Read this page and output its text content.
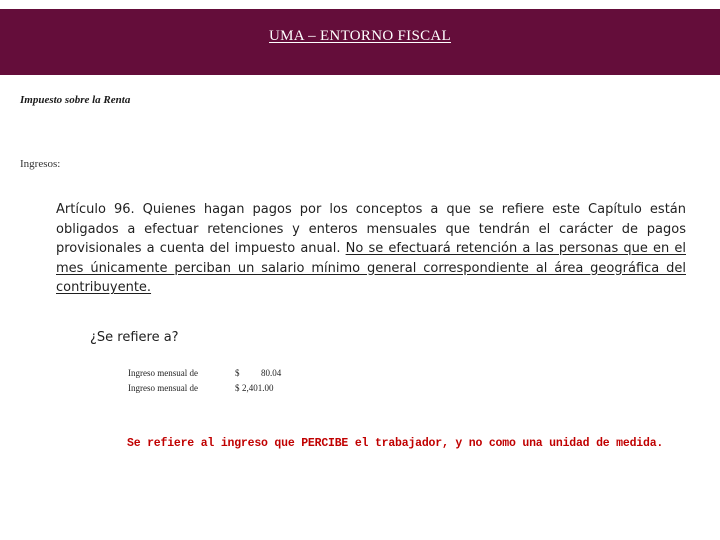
UMA – ENTORNO FISCAL
Impuesto sobre la Renta
Ingresos:
Artículo 96. Quienes hagan pagos por los conceptos a que se refiere este Capítulo están obligados a efectuar retenciones y enteros mensuales que tendrán el carácter de pagos provisionales a cuenta del impuesto anual. No se efectuará retención a las personas que en el mes únicamente perciban un salario mínimo general correspondiente al área geográfica del contribuyente.
¿Se refiere a?
Ingreso mensual de	$ 80.04
Ingreso mensual de	$ 2,401.00
Se refiere al ingreso que PERCIBE el trabajador, y no como una unidad de medida.
